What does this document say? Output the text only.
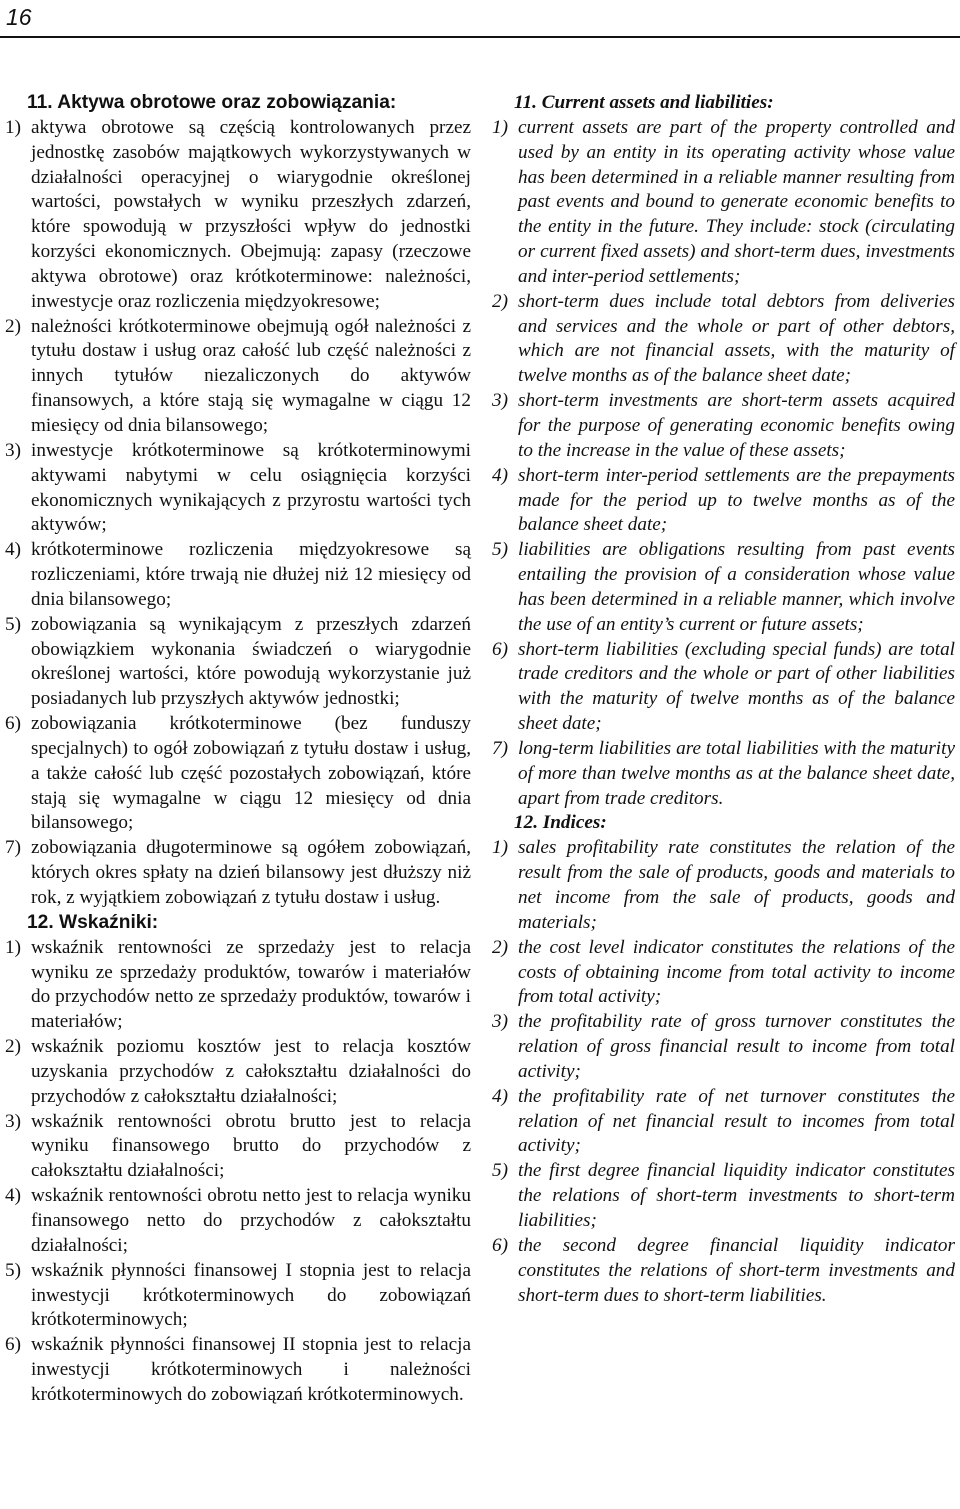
16
11. Aktywa obrotowe oraz zobowiązania:
1) aktywa obrotowe są częścią kontrolowanych przez jednostkę zasobów majątkowych wykorzystywanych w działalności operacyjnej o wiarygodnie określonej wartości, powstałych w wyniku przeszłych zdarzeń, które spowodują w przyszłości wpływ do jednostki korzyści ekonomicznych. Obejmują: zapasy (rzeczowe aktywa obrotowe) oraz krótkoterminowe: należności, inwestycje oraz rozliczenia międzyokresowe;
2) należności krótkoterminowe obejmują ogół należności z tytułu dostaw i usług oraz całość lub część należności z innych tytułów niezaliczonych do aktywów finansowych, a które stają się wymagalne w ciągu 12 miesięcy od dnia bilansowego;
3) inwestycje krótkoterminowe są krótkoterminowymi aktywami nabytymi w celu osiągnięcia korzyści ekonomicznych wynikających z przyrostu wartości tych aktywów;
4) krótkoterminowe rozliczenia międzyokresowe są rozliczeniami, które trwają nie dłużej niż 12 miesięcy od dnia bilansowego;
5) zobowiązania są wynikającym z przeszłych zdarzeń obowiązkiem wykonania świadczeń o wiarygodnie określonej wartości, które powodują wykorzystanie już posiadanych lub przyszłych aktywów jednostki;
6) zobowiązania krótkoterminowe (bez funduszy specjalnych) to ogół zobowiązań z tytułu dostaw i usług, a także całość lub część pozostałych zobowiązań, które stają się wymagalne w ciągu 12 miesięcy od dnia bilansowego;
7) zobowiązania długoterminowe są ogółem zobowiązań, których okres spłaty na dzień bilansowy jest dłuższy niż rok, z wyjątkiem zobowiązań z tytułu dostaw i usług.
12. Wskaźniki:
1) wskaźnik rentowności ze sprzedaży jest to relacja wyniku ze sprzedaży produktów, towarów i materiałów do przychodów netto ze sprzedaży produktów, towarów i materiałów;
2) wskaźnik poziomu kosztów jest to relacja kosztów uzyskania przychodów z całokształtu działalności do przychodów z całokształtu działalności;
3) wskaźnik rentowności obrotu brutto jest to relacja wyniku finansowego brutto do przychodów z całokształtu działalności;
4) wskaźnik rentowności obrotu netto jest to relacja wyniku finansowego netto do przychodów z całokształtu działalności;
5) wskaźnik płynności finansowej I stopnia jest to relacja inwestycji krótkoterminowych do zobowiązań krótkoterminowych;
6) wskaźnik płynności finansowej II stopnia jest to relacja inwestycji krótkoterminowych i należności krótkoterminowych do zobowiązań krótkoterminowych.
11. Current assets and liabilities:
1) current assets are part of the property controlled and used by an entity in its operating activity whose value has been determined in a reliable manner resulting from past events and bound to generate economic benefits to the entity in the future. They include: stock (circulating or current fixed assets) and short-term dues, investments and inter-period settlements;
2) short-term dues include total debtors from deliveries and services and the whole or part of other debtors, which are not financial assets, with the maturity of twelve months as of the balance sheet date;
3) short-term investments are short-term assets acquired for the purpose of generating economic benefits owing to the increase in the value of these assets;
4) short-term inter-period settlements are the prepayments made for the period up to twelve months as of the balance sheet date;
5) liabilities are obligations resulting from past events entailing the provision of a consideration whose value has been determined in a reliable manner, which involve the use of an entity’s current or future assets;
6) short-term liabilities (excluding special funds) are total trade creditors and the whole or part of other liabilities with the maturity of twelve months as of the balance sheet date;
7) long-term liabilities are total liabilities with the maturity of more than twelve months as at the balance sheet date, apart from trade creditors.
12. Indices:
1) sales profitability rate constitutes the relation of the result from the sale of products, goods and materials to net income from the sale of products, goods and materials;
2) the cost level indicator constitutes the relations of the costs of obtaining income from total activity to income from total activity;
3) the profitability rate of gross turnover constitutes the relation of gross financial result to income from total activity;
4) the profitability rate of net turnover constitutes the relation of net financial result to incomes from total activity;
5) the first degree financial liquidity indicator constitutes the relations of short-term investments to short-term liabilities;
6) the second degree financial liquidity indicator constitutes the relations of short-term investments and short-term dues to short-term liabilities.
